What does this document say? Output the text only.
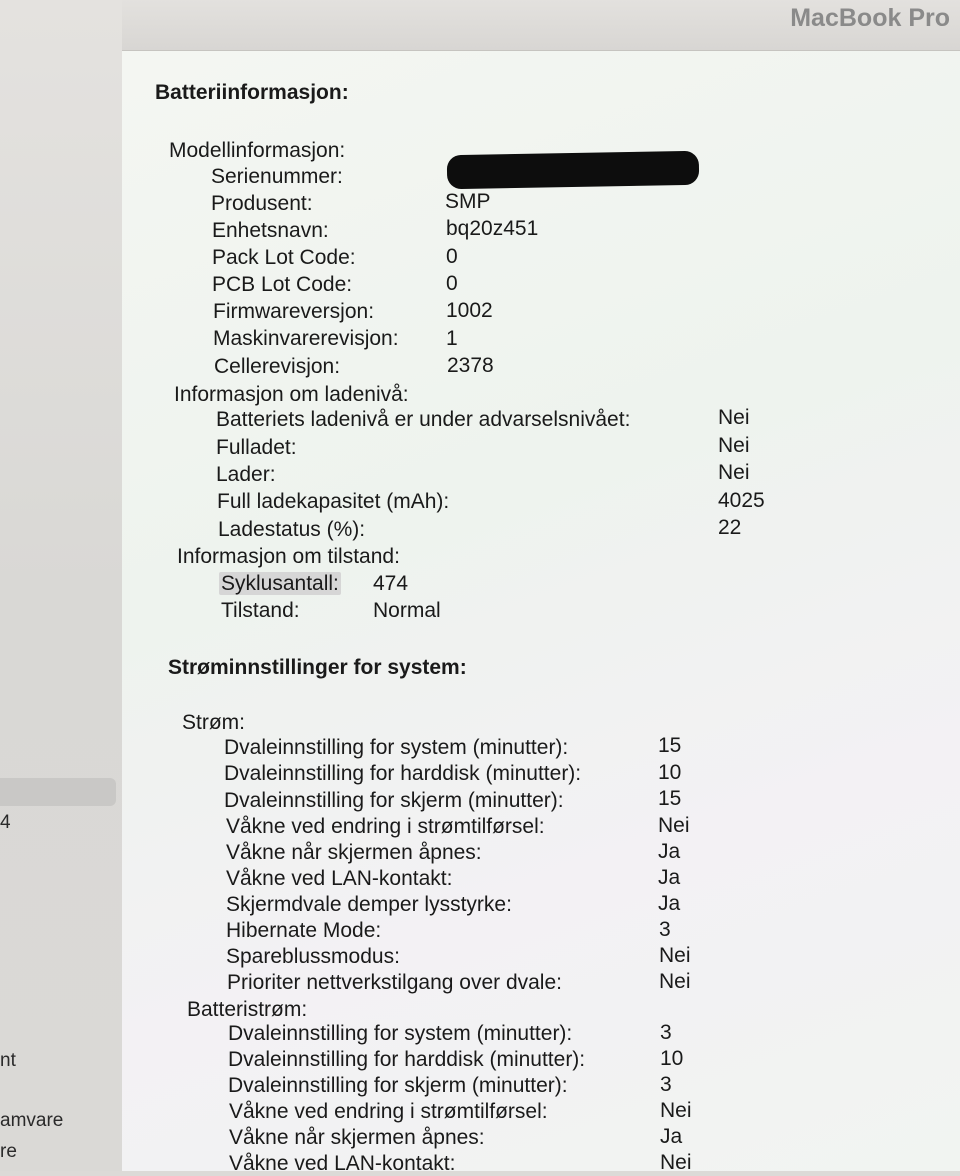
4
nt
amvare
re
MacBook Pro
Batteriinformasjon:
Modellinformasjon:
Serienummer:
Produsent:	SMP
Enhetsnavn:	bq20z451
Pack Lot Code:	0
PCB Lot Code:	0
Firmwareversjon:	1002
Maskinvarerevisjon: 1
Cellerevisjon:	2378
Informasjon om ladenivå:
Batteriets ladenivå er under advarselsnivået:	Nei
Fulladet:	Nei
Lader:	Nei
Full ladekapasitet (mAh):	4025
Ladestatus (%):	22
Informasjon om tilstand:
Syklusantall: 474
Tilstand:	Normal
Strøminnstillinger for system:
Strøm:
Dvaleinnstilling for system (minutter):	15
Dvaleinnstilling for harddisk (minutter):	10
Dvaleinnstilling for skjerm (minutter):	15
Våkne ved endring i strømtilførsel:	Nei
Våkne når skjermen åpnes:	Ja
Våkne ved LAN-kontakt:	Ja
Skjermdvale demper lysstyrke:	Ja
Hibernate Mode:	3
Spareblussmodus:	Nei
Prioriter nettverkstilgang over dvale:	Nei
Batteristrøm:
Dvaleinnstilling for system (minutter):	3
Dvaleinnstilling for harddisk (minutter):	10
Dvaleinnstilling for skjerm (minutter):	3
Våkne ved endring i strømtilførsel:	Nei
Våkne når skjermen åpnes:	Ja
Våkne ved LAN-kontakt:	Nei
